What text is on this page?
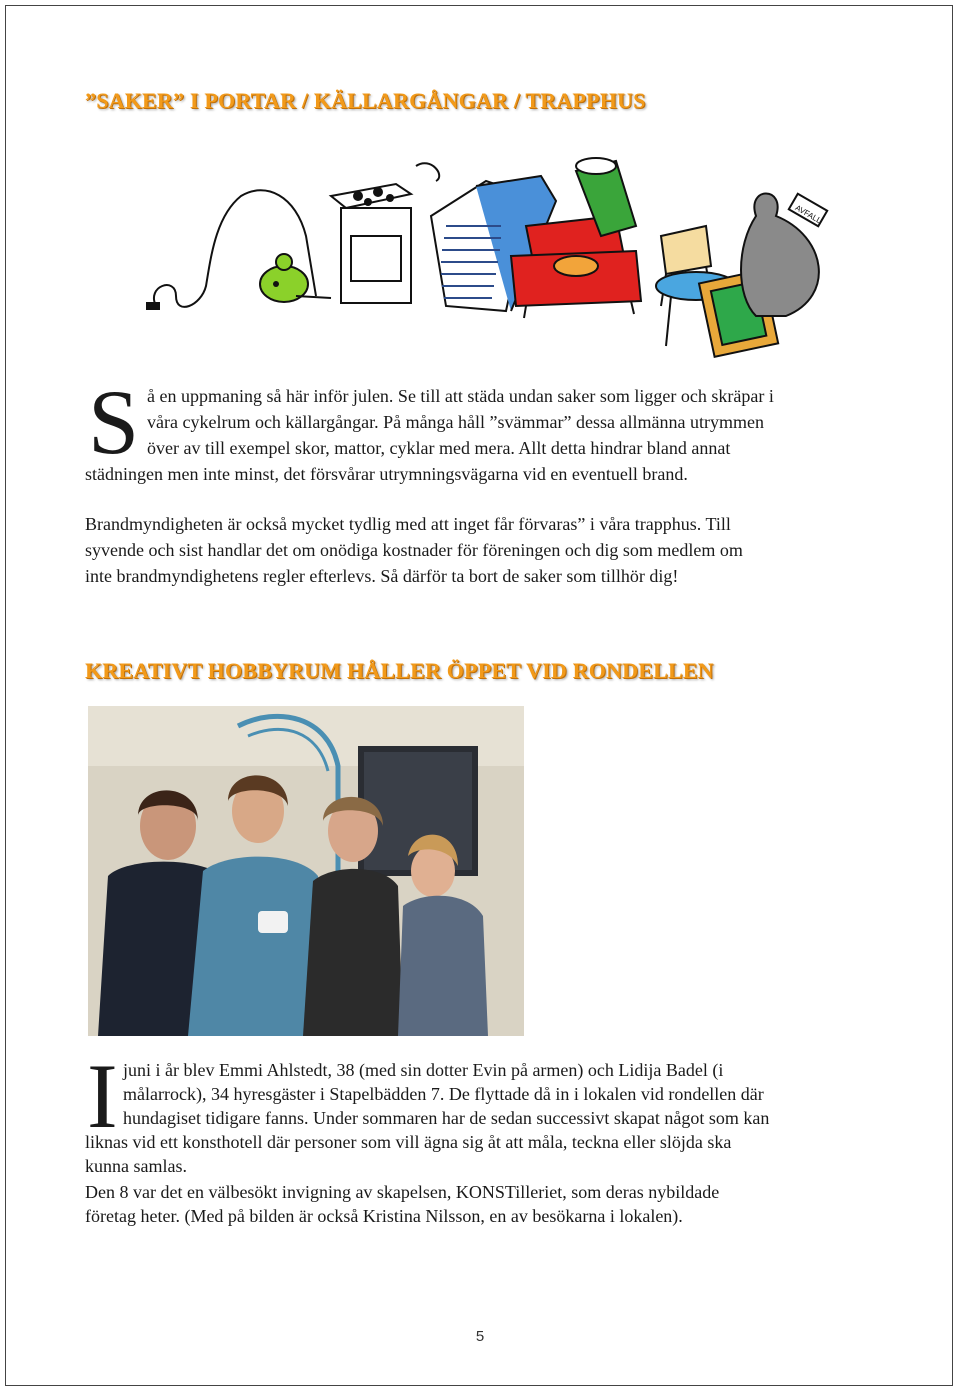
”SAKER” I PORTAR / KÄLLARGÅNGAR / TRAPPHUS
AVFALL
S å en uppmaning så här inför julen. Se till att städa undan saker som ligger och skräpar i
våra cykelrum och källargångar. På många håll ”svämmar” dessa allmänna utrymmen
över av till exempel skor, mattor, cyklar med mera. Allt detta hindrar bland annat
städningen men inte minst, det försvårar utrymningsvägarna vid en eventuell brand.
Brandmyndigheten är också mycket tydlig med att inget får förvaras” i våra trapphus. Till
syvende och sist handlar det om onödiga kostnader för föreningen och dig som medlem om
inte brandmyndighetens regler efterlevs. Så därför ta bort de saker som tillhör dig!
KREATIVT HOBBYRUM HÅLLER ÖPPET VID RONDELLEN
I juni i år blev Emmi Ahlstedt, 38 (med sin dotter Evin på armen) och Lidija Badel (i
målarrock), 34 hyresgäster i Stapelbädden 7. De flyttade då in i lokalen vid rondellen där
hundagiset tidigare fanns. Under sommaren har de sedan successivt skapat något som kan
liknas vid ett konsthotell där personer som vill ägna sig åt att måla, teckna eller slöjda ska
kunna samlas.
Den 8 var det en välbesökt invigning av skapelsen, KONSTilleriet, som deras nybildade
företag heter. (Med på bilden är också Kristina Nilsson, en av besökarna i lokalen).
5
